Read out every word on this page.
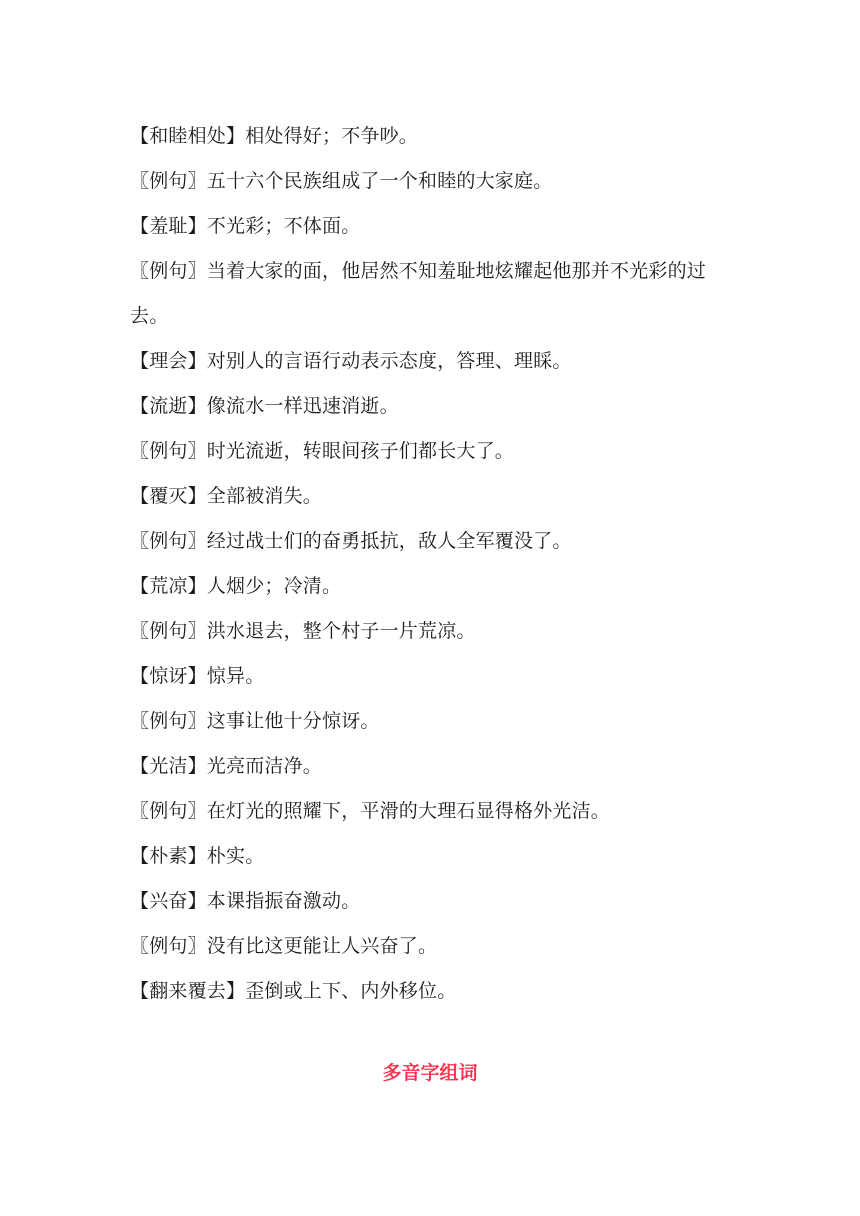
【和睦相处】相处得好；不争吵。
〖例句〗五十六个民族组成了一个和睦的大家庭。
【羞耻】不光彩；不体面。
〖例句〗当着大家的面，他居然不知羞耻地炫耀起他那并不光彩的过
去。
【理会】对别人的言语行动表示态度，答理、理睬。
【流逝】像流水一样迅速消逝。
〖例句〗时光流逝，转眼间孩子们都长大了。
【覆灭】全部被消失。
〖例句〗经过战士们的奋勇抵抗，敌人全军覆没了。
【荒凉】人烟少；冷清。
〖例句〗洪水退去，整个村子一片荒凉。
【惊讶】惊异。
〖例句〗这事让他十分惊讶。
【光洁】光亮而洁净。
〖例句〗在灯光的照耀下，平滑的大理石显得格外光洁。
【朴素】朴实。
【兴奋】本课指振奋激动。
〖例句〗没有比这更能让人兴奋了。
【翻来覆去】歪倒或上下、内外移位。
多音字组词
